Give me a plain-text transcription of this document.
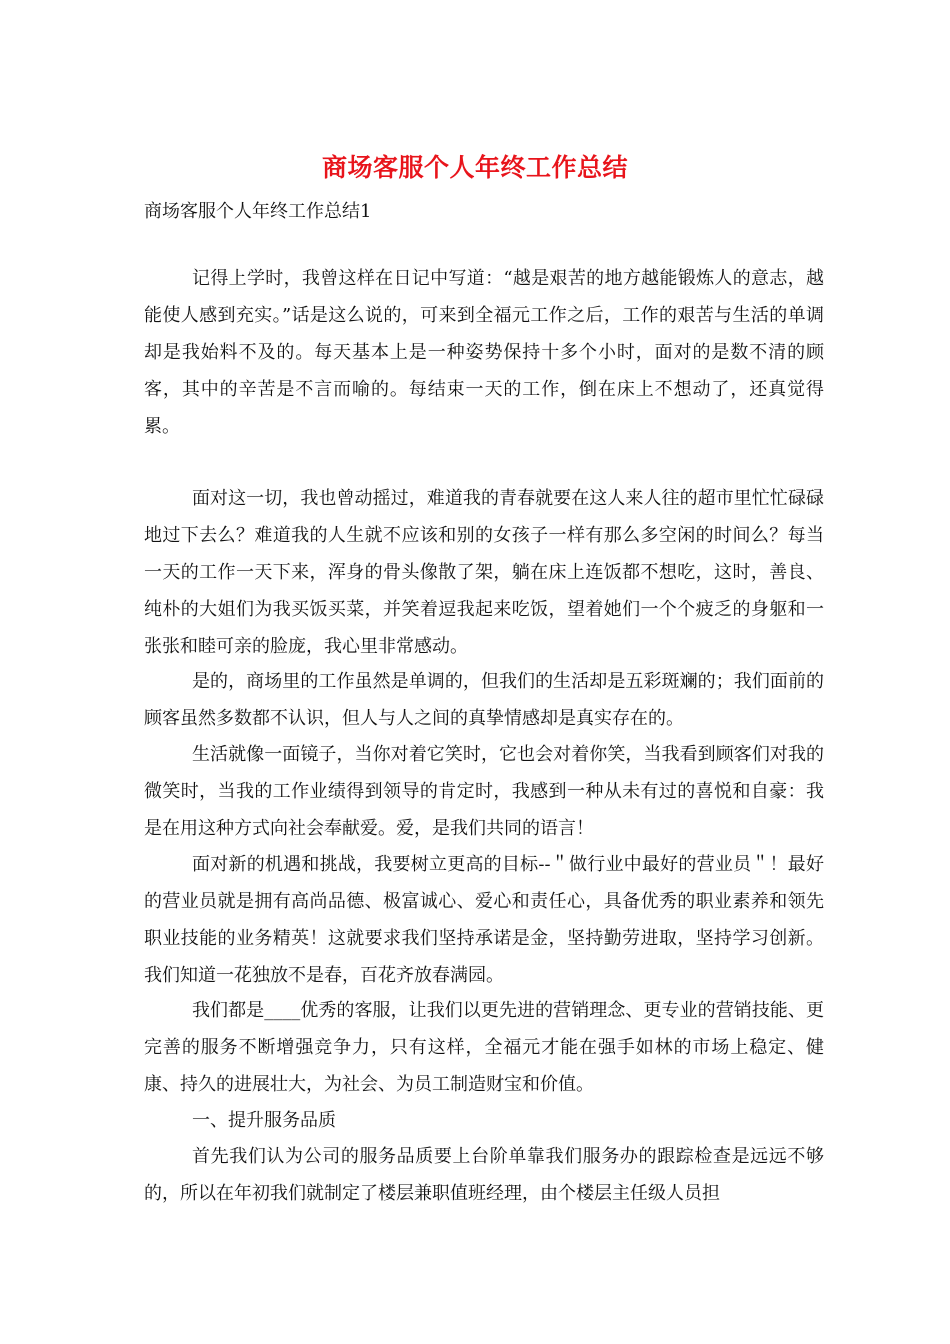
商场客服个人年终工作总结
商场客服个人年终工作总结1
记得上学时，我曾这样在日记中写道：“越是艰苦的地方越能锻炼人的意志，越能使人感到充实。”话是这么说的，可来到全福元工作之后，工作的艰苦与生活的单调却是我始料不及的。每天基本上是一种姿势保持十多个小时，面对的是数不清的顾客，其中的辛苦是不言而喻的。每结束一天的工作，倒在床上不想动了，还真觉得累。
面对这一切，我也曾动摇过，难道我的青春就要在这人来人往的超市里忙忙碌碌地过下去么？难道我的人生就不应该和别的女孩子一样有那么多空闲的时间么？每当一天的工作一天下来，浑身的骨头像散了架，躺在床上连饭都不想吃，这时，善良、纯朴的大姐们为我买饭买菜，并笑着逗我起来吃饭，望着她们一个个疲乏的身躯和一张张和睦可亲的脸庞，我心里非常感动。
是的，商场里的工作虽然是单调的，但我们的生活却是五彩斑斓的；我们面前的顾客虽然多数都不认识，但人与人之间的真挚情感却是真实存在的。
生活就像一面镜子，当你对着它笑时，它也会对着你笑，当我看到顾客们对我的微笑时，当我的工作业绩得到领导的肯定时，我感到一种从未有过的喜悦和自豪：我是在用这种方式向社会奉献爱。爱，是我们共同的语言！
面对新的机遇和挑战，我要树立更高的目标--＂做行业中最好的营业员＂！最好的营业员就是拥有高尚品德、极富诚心、爱心和责任心，具备优秀的职业素养和领先职业技能的业务精英！这就要求我们坚持承诺是金，坚持勤劳进取，坚持学习创新。我们知道一花独放不是春，百花齐放春满园。
我们都是____优秀的客服，让我们以更先进的营销理念、更专业的营销技能、更完善的服务不断增强竞争力，只有这样，全福元才能在强手如林的市场上稳定、健康、持久的进展壮大，为社会、为员工制造财宝和价值。
一、提升服务品质
首先我们认为公司的服务品质要上台阶单靠我们服务办的跟踪检查是远远不够的，所以在年初我们就制定了楼层兼职值班经理，由个楼层主任级人员担
